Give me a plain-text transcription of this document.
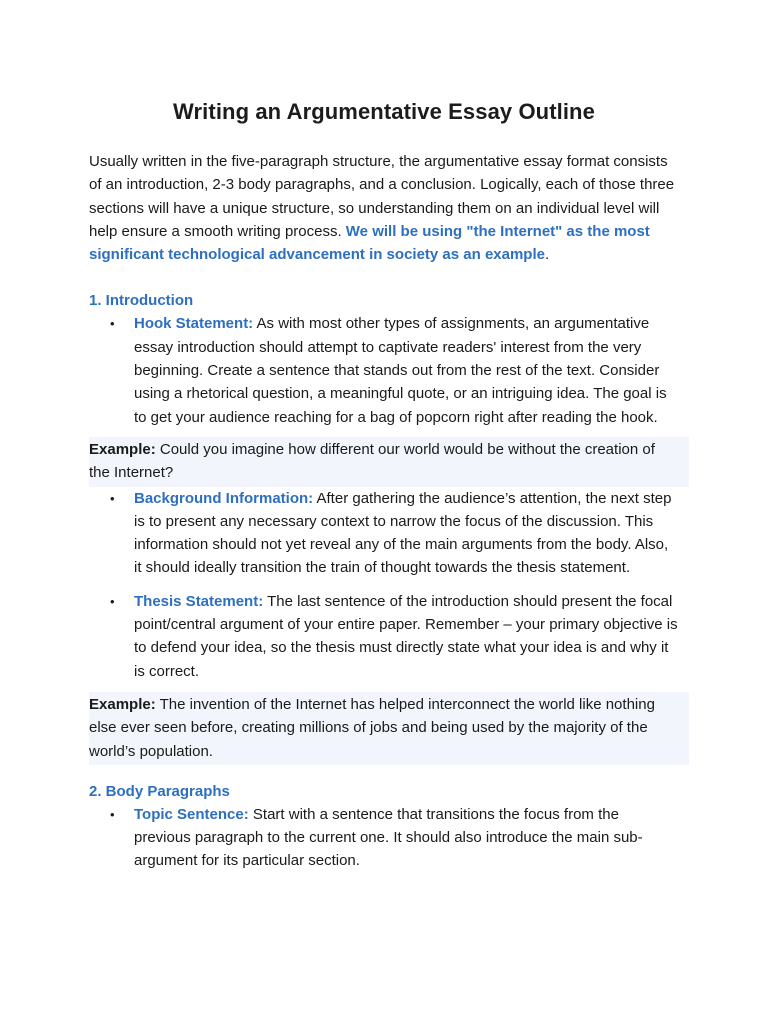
Writing an Argumentative Essay Outline

Usually written in the five-paragraph structure, the argumentative essay format consists of an introduction, 2-3 body paragraphs, and a conclusion. Logically, each of those three sections will have a unique structure, so understanding them on an individual level will help ensure a smooth writing process. We will be using "the Internet" as the most significant technological advancement in society as an example.

1. Introduction
• Hook Statement: As with most other types of assignments, an argumentative essay introduction should attempt to captivate readers' interest from the very beginning. Create a sentence that stands out from the rest of the text. Consider using a rhetorical question, a meaningful quote, or an intriguing idea. The goal is to get your audience reaching for a bag of popcorn right after reading the hook.
Example: Could you imagine how different our world would be without the creation of the Internet?
• Background Information: After gathering the audience’s attention, the next step is to present any necessary context to narrow the focus of the discussion. This information should not yet reveal any of the main arguments from the body. Also, it should ideally transition the train of thought towards the thesis statement.
• Thesis Statement: The last sentence of the introduction should present the focal point/central argument of your entire paper. Remember – your primary objective is to defend your idea, so the thesis must directly state what your idea is and why it is correct.
Example: The invention of the Internet has helped interconnect the world like nothing else ever seen before, creating millions of jobs and being used by the majority of the world’s population.
2. Body Paragraphs
• Topic Sentence: Start with a sentence that transitions the focus from the previous paragraph to the current one. It should also introduce the main sub-argument for its particular section.
